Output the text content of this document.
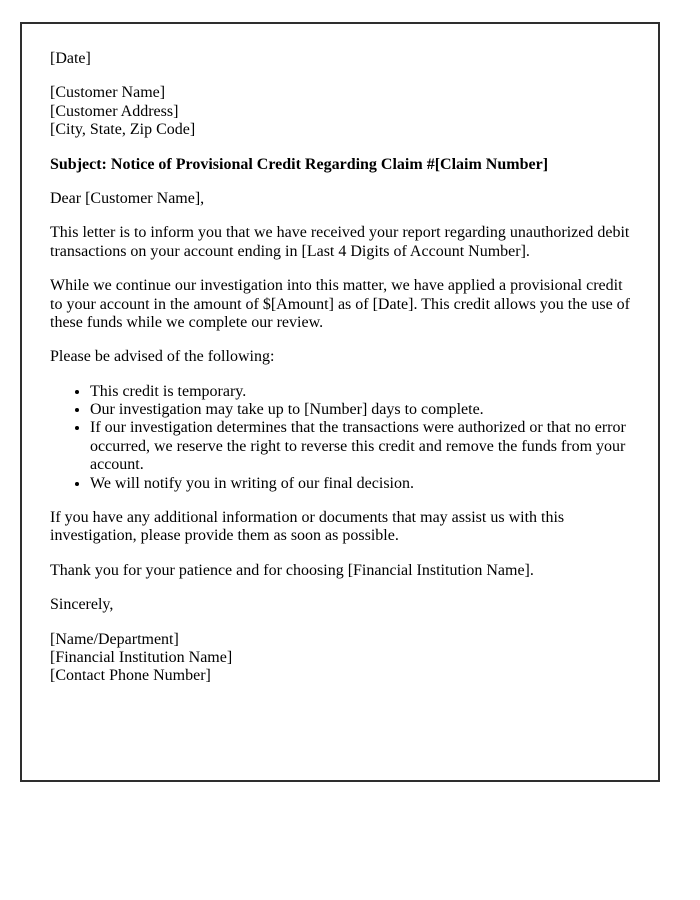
[Date]

[Customer Name]
[Customer Address]
[City, State, Zip Code]

Subject: Notice of Provisional Credit Regarding Claim #[Claim Number]

Dear [Customer Name],

This letter is to inform you that we have received your report regarding unauthorized debit transactions on your account ending in [Last 4 Digits of Account Number].

While we continue our investigation into this matter, we have applied a provisional credit to your account in the amount of $[Amount] as of [Date]. This credit allows you the use of these funds while we complete our review.

Please be advised of the following:

• This credit is temporary.
• Our investigation may take up to [Number] days to complete.
• If our investigation determines that the transactions were authorized or that no error occurred, we reserve the right to reverse this credit and remove the funds from your account.
• We will notify you in writing of our final decision.

If you have any additional information or documents that may assist us with this investigation, please provide them as soon as possible.

Thank you for your patience and for choosing [Financial Institution Name].

Sincerely,

[Name/Department]
[Financial Institution Name]
[Contact Phone Number]
